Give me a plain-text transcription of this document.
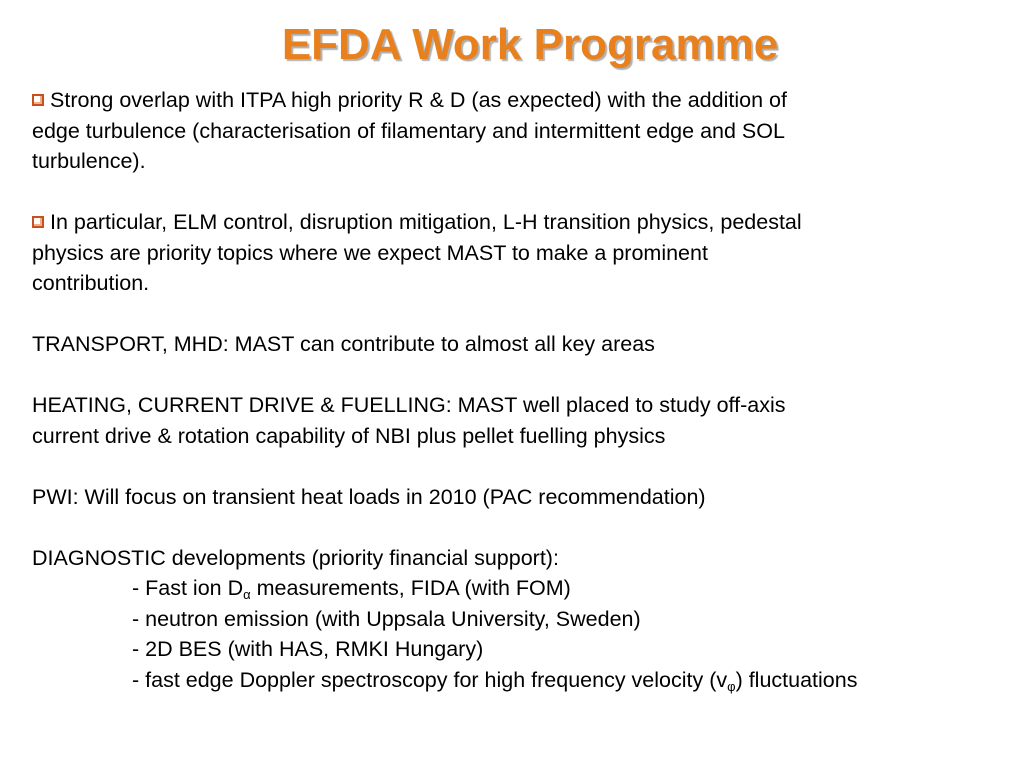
EFDA Work Programme

Strong overlap with ITPA high priority R & D (as expected) with the addition of
edge turbulence (characterisation of filamentary and intermittent edge and SOL
turbulence).

In particular, ELM control, disruption mitigation, L-H transition physics, pedestal
physics are priority topics where we expect MAST to make a prominent
contribution.

TRANSPORT, MHD: MAST can contribute to almost all key areas

HEATING, CURRENT DRIVE & FUELLING: MAST well placed to study off-axis
current drive & rotation capability of NBI plus pellet fuelling physics

PWI: Will focus on transient heat loads in 2010 (PAC recommendation)

DIAGNOSTIC developments (priority financial support):

- Fast ion $D_\alpha$ measurements, FIDA (with FOM)

- neutron emission (with Uppsala University, Sweden)

- 2D BES (with HAS, RMKI Hungary)

- fast edge Doppler spectroscopy for high frequency velocity $(v_\varphi)$ fluctuations
